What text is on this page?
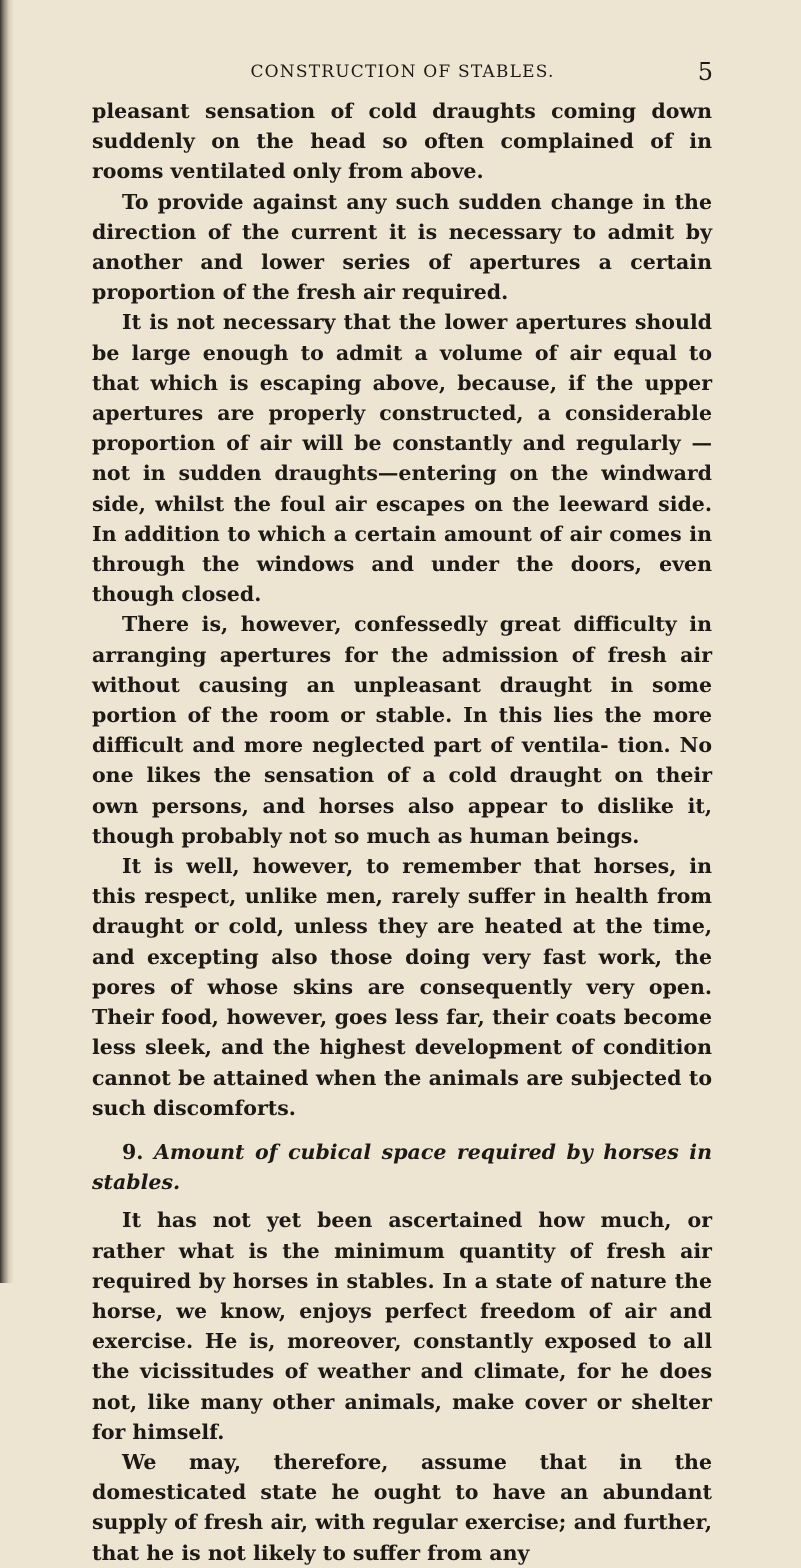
CONSTRUCTION OF STABLES.	5

pleasant sensation of cold draughts coming down suddenly on the head so often complained of in rooms ventilated only from above.

To provide against any such sudden change in the direction of the current it is necessary to admit by another and lower series of apertures a certain proportion of the fresh air required.

It is not necessary that the lower apertures should be large enough to admit a volume of air equal to that which is escaping above, because, if the upper apertures are properly constructed, a considerable proportion of air will be constantly and regularly —not in sudden draughts—entering on the windward side, whilst the foul air escapes on the leeward side. In addition to which a certain amount of air comes in through the windows and under the doors, even though closed.

There is, however, confessedly great difficulty in arranging apertures for the admission of fresh air without causing an unpleasant draught in some portion of the room or stable. In this lies the more difficult and more neglected part of ventila- tion. No one likes the sensation of a cold draught on their own persons, and horses also appear to dislike it, though probably not so much as human beings.

It is well, however, to remember that horses, in this respect, unlike men, rarely suffer in health from draught or cold, unless they are heated at the time, and excepting also those doing very fast work, the pores of whose skins are consequently very open. Their food, however, goes less far, their coats become less sleek, and the highest development of condition cannot be attained when the animals are subjected to such discomforts.

9. Amount of cubical space required by horses in stables.

It has not yet been ascertained how much, or rather what is the minimum quantity of fresh air required by horses in stables. In a state of nature the horse, we know, enjoys perfect freedom of air and exercise. He is, moreover, constantly exposed to all the vicissitudes of weather and climate, for he does not, like many other animals, make cover or shelter for himself.

We may, therefore, assume that in the domesticated state he ought to have an abundant supply of fresh air, with regular exercise; and further, that he is not likely to suffer from any
